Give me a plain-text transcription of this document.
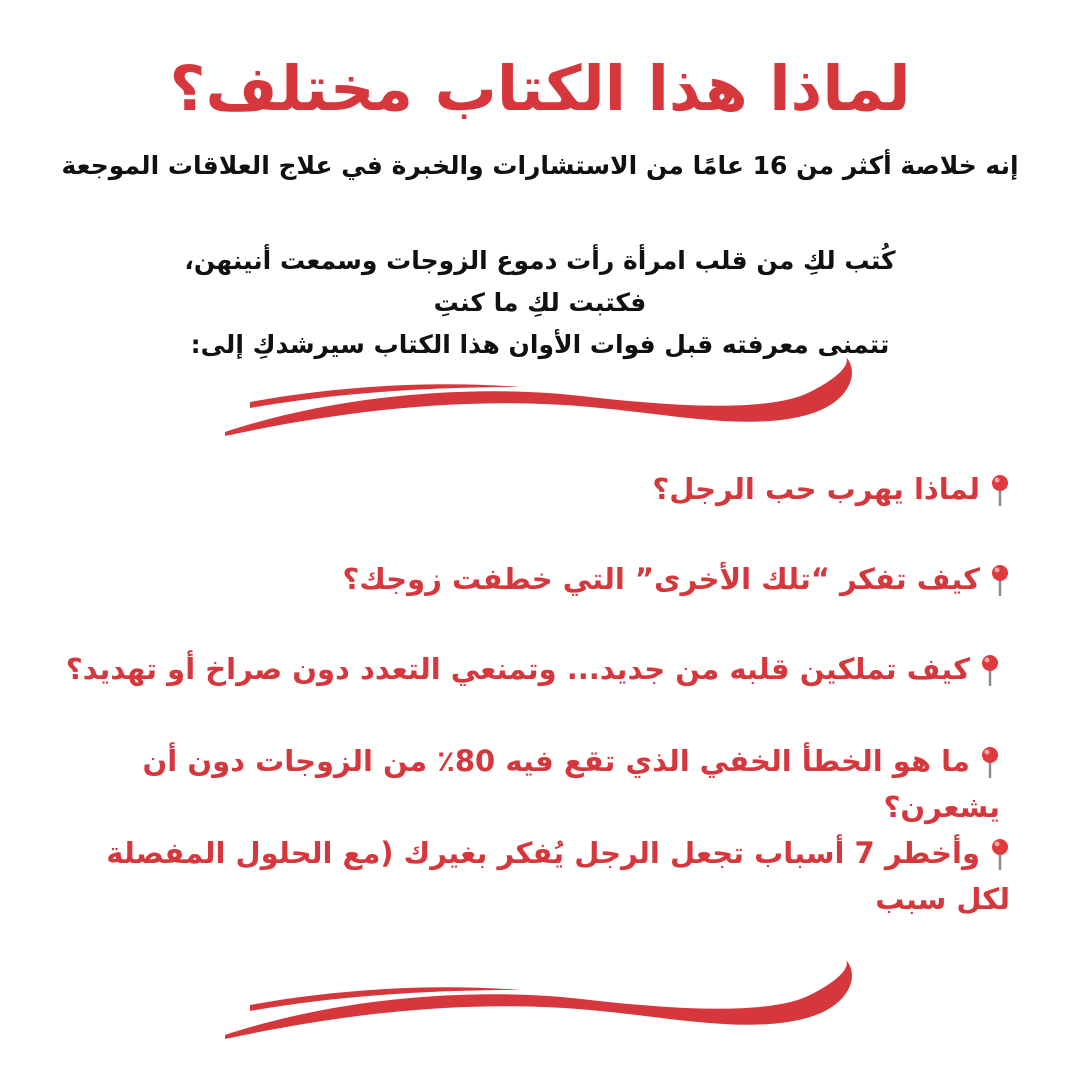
لماذا هذا الكتاب مختلف؟
إنه خلاصة أكثر من 16 عامًا من الاستشارات والخبرة في علاج العلاقات الموجعة
كُتب لكِ من قلب امرأة رأت دموع الزوجات وسمعت أنينهن،
فكتبت لكِ ما كنتِ
تتمنى معرفته قبل فوات الأوان هذا الكتاب سيرشدكِ إلى:
لماذا يهرب حب الرجل؟
كيف تفكر “تلك الأخرى” التي خطفت زوجك؟
كيف تملكين قلبه من جديد... وتمنعي التعدد دون صراخ أو تهديد؟
ما هو الخطأ الخفي الذي تقع فيه 80٪ من الزوجات دون أن يشعرن؟
وأخطر 7 أسباب تجعل الرجل يُفكر بغيرك (مع الحلول المفصلة لكل سبب
